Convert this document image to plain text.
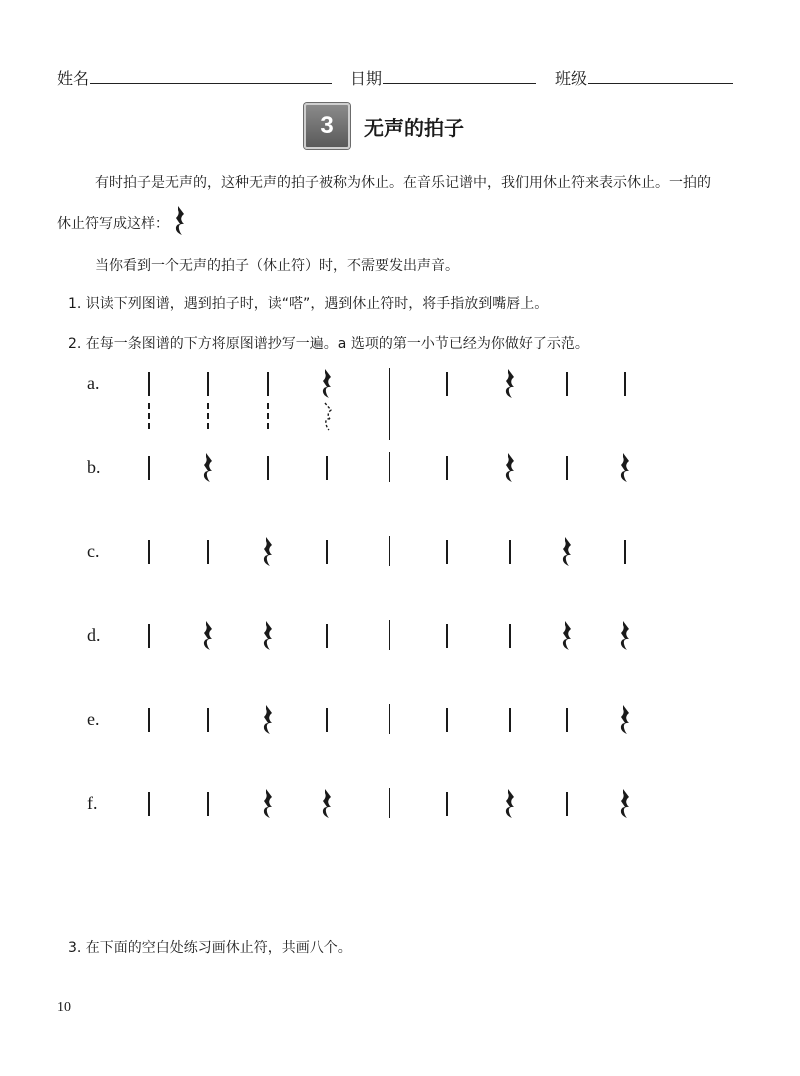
姓名	日期	班级
3	无声的拍子
有时拍子是无声的，这种无声的拍子被称为休止。在音乐记谱中，我们用休止符来表示休止。一拍的
休止符写成这样：
当你看到一个无声的拍子（休止符）时，不需要发出声音。
1. 识读下列图谱，遇到拍子时，读“嗒”，遇到休止符时，将手指放到嘴唇上。
2. 在每一条图谱的下方将原图谱抄写一遍。a 选项的第一小节已经为你做好了示范。
a.
b.
c.
d.
e.
f.
3. 在下面的空白处练习画休止符，共画八个。
10
